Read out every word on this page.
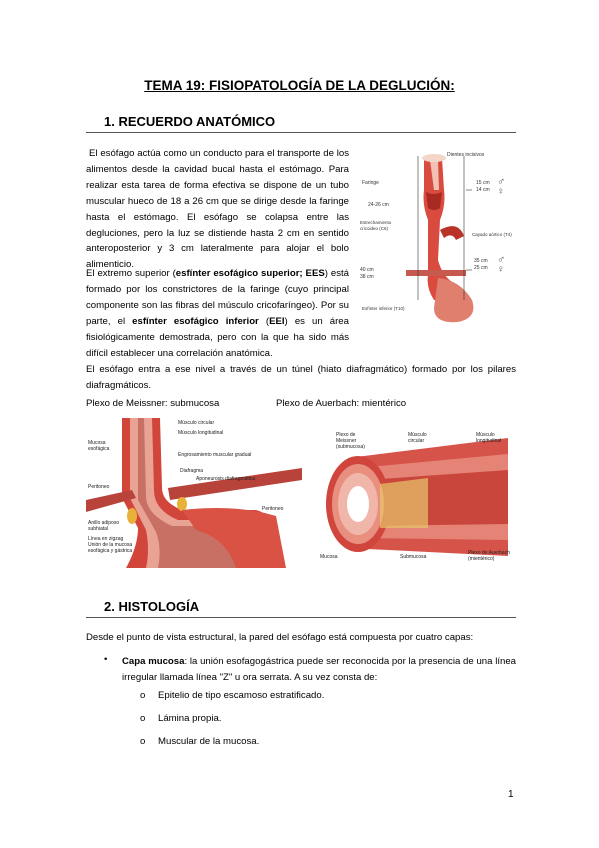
TEMA 19: FISIOPATOLOGÍA DE LA DEGLUCIÓN:
1. RECUERDO ANATÓMICO
El esófago actúa como un conducto para el transporte de los alimentos desde la cavidad bucal hasta el estómago. Para realizar esta tarea de forma efectiva se dispone de un tubo muscular hueco de 18 a 26 cm que se dirige desde la faringe hasta el estómago. El esófago se colapsa entre las degluciones, pero la luz se distiende hasta 2 cm en sentido anteroposterior y 3 cm lateralmente para alojar el bolo alimenticio.
El extremo superior (esfínter esofágico superior; EES) está formado por los constrictores de la faringe (cuyo principal componente son las fibras del músculo cricofaríngeo). Por su parte, el esfínter esofágico inferior (EEI) es un área fisiológicamente demostrada, pero con la que ha sido más difícil establecer una correlación anatómica.
Dientes incisivos
Faringe
24-26 cm
Estrechamiento cricoideo (C6)
Cayado aórtico (T4)
Esfínter inferior (T10)
15 cm
14 cm
40 cm
38 cm
35 cm
25 cm
♂
♀
♂
♀
El esófago entra a ese nivel a través de un túnel (hiato diafragmático) formado por los pilares diafragmáticos.
Plexo de Meissner: submucosa	Plexo de Auerbach: mientérico
Músculo circular
Músculo longitudinal
Mucosa esofágica
Engrosamiento muscular gradual
Diafragma
Aponeurosis diafragmática
Peritoneo
Peritoneo
Anillo adiposo subhiatal
Línea en zigzag Unión de la mucosa esofágica y gástrica
Plexo de Meissner (submucosa)
Músculo circular
Músculo longitudinal
Mucosa	Submucosa
Plexo de Auerbach (mientérico)
2. HISTOLOGÍA
Desde el punto de vista estructural, la pared del esófago está compuesta por cuatro capas:
• Capa mucosa: la unión esofagogástrica puede ser reconocida por la presencia de una línea irregular llamada línea "Z" u ora serrata. A su vez consta de:
o Epitelio de tipo escamoso estratificado.
o Lámina propia.
o Muscular de la mucosa.
1
